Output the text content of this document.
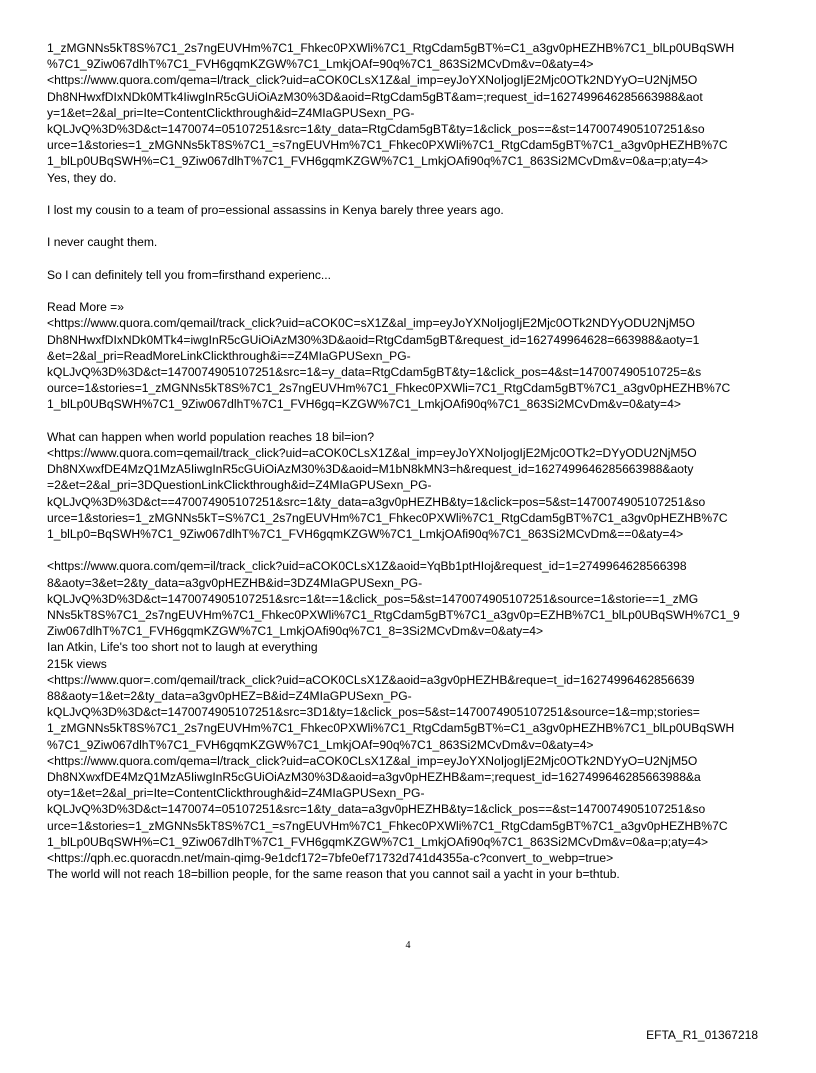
1_zMGNNs5kT8S%7C1_2s7ngEUVHm%7C1_Fhkec0PXWli%7C1_RtgCdam5gBT%=C1_a3gv0pHEZHB%7C1_blLp0UBqSWH
%7C1_9Ziw067dlhT%7C1_FVH6gqmKZGW%7C1_LmkjOAf=90q%7C1_863Si2MCvDm&v=0&aty=4>
<https://www.quora.com/qema=l/track_click?uid=aCOK0CLsX1Z&al_imp=eyJoYXNoIjogIjE2Mjc0OTk2NDYyO=U2NjM5O
Dh8NHwxfDIxNDk0MTk4IiwgInR5cGUiOiAzM30%3D&aoid=RtgCdam5gBT&am=;request_id=1627499646285663988&aot
y=1&et=2&al_pri=Ite=ContentClickthrough&id=Z4MIaGPUSexn_PG-
kQLJvQ%3D%3D&ct=1470074=05107251&src=1&ty_data=RtgCdam5gBT&ty=1&click_pos==&st=1470074905107251&so
urce=1&stories=1_zMGNNs5kT8S%7C1_=s7ngEUVHm%7C1_Fhkec0PXWli%7C1_RtgCdam5gBT%7C1_a3gv0pHEZHB%7C
1_blLp0UBqSWH%=C1_9Ziw067dlhT%7C1_FVH6gqmKZGW%7C1_LmkjOAfi90q%7C1_863Si2MCvDm&v=0&a=p;aty=4>
Yes, they do.
I lost my cousin to a team of pro=essional assassins in Kenya barely three years ago.
I never caught them.
So I can definitely tell you from=firsthand experienc...
Read More =»
<https://www.quora.com/qemail/track_click?uid=aCOK0C=sX1Z&al_imp=eyJoYXNoIjogIjE2Mjc0OTk2NDYyODU2NjM5O
Dh8NHwxfDIxNDk0MTk4=iwgInR5cGUiOiAzM30%3D&aoid=RtgCdam5gBT&request_id=162749964628=663988&aoty=1
&et=2&al_pri=ReadMoreLinkClickthrough&i==Z4MIaGPUSexn_PG-
kQLJvQ%3D%3D&ct=1470074905107251&src=1&=y_data=RtgCdam5gBT&ty=1&click_pos=4&st=147007490510725=&s
ource=1&stories=1_zMGNNs5kT8S%7C1_2s7ngEUVHm%7C1_Fhkec0PXWli=7C1_RtgCdam5gBT%7C1_a3gv0pHEZHB%7C
1_blLp0UBqSWH%7C1_9Ziw067dlhT%7C1_FVH6gq=KZGW%7C1_LmkjOAfi90q%7C1_863Si2MCvDm&v=0&aty=4>
What can happen when world population reaches 18 bil=ion?
<https://www.quora.com=qemail/track_click?uid=aCOK0CLsX1Z&al_imp=eyJoYXNoIjogIjE2Mjc0OTk2=DYyODU2NjM5O
Dh8NXwxfDE4MzQ1MzA5IiwgInR5cGUiOiAzM30%3D&aoid=M1bN8kMN3=h&request_id=1627499646285663988&aoty
=2&et=2&al_pri=3DQuestionLinkClickthrough&id=Z4MIaGPUSexn_PG-
kQLJvQ%3D%3D&ct==470074905107251&src=1&ty_data=a3gv0pHEZHB&ty=1&click=pos=5&st=1470074905107251&so
urce=1&stories=1_zMGNNs5kT=S%7C1_2s7ngEUVHm%7C1_Fhkec0PXWli%7C1_RtgCdam5gBT%7C1_a3gv0pHEZHB%7C
1_blLp0=BqSWH%7C1_9Ziw067dlhT%7C1_FVH6gqmKZGW%7C1_LmkjOAfi90q%7C1_863Si2MCvDm&==0&aty=4>
<https://www.quora.com/qem=il/track_click?uid=aCOK0CLsX1Z&aoid=YqBb1ptHIoj&request_id=1=2749964628566398
8&aoty=3&et=2&ty_data=a3gv0pHEZHB&id=3DZ4MIaGPUSexn_PG-
kQLJvQ%3D%3D&ct=1470074905107251&src=1&t==1&click_pos=5&st=1470074905107251&source=1&storie==1_zMG
NNs5kT8S%7C1_2s7ngEUVHm%7C1_Fhkec0PXWli%7C1_RtgCdam5gBT%7C1_a3gv0p=EZHB%7C1_blLp0UBqSWH%7C1_9
Ziw067dlhT%7C1_FVH6gqmKZGW%7C1_LmkjOAfi90q%7C1_8=3Si2MCvDm&v=0&aty=4>
Ian Atkin, Life's too short not to laugh at everything
215k views
<https://www.quor=.com/qemail/track_click?uid=aCOK0CLsX1Z&aoid=a3gv0pHEZHB&reque=t_id=16274996462856639
88&aoty=1&et=2&ty_data=a3gv0pHEZ=B&id=Z4MIaGPUSexn_PG-
kQLJvQ%3D%3D&ct=1470074905107251&src=3D1&ty=1&click_pos=5&st=1470074905107251&source=1&=mp;stories=
1_zMGNNs5kT8S%7C1_2s7ngEUVHm%7C1_Fhkec0PXWli%7C1_RtgCdam5gBT%=C1_a3gv0pHEZHB%7C1_blLp0UBqSWH
%7C1_9Ziw067dlhT%7C1_FVH6gqmKZGW%7C1_LmkjOAf=90q%7C1_863Si2MCvDm&v=0&aty=4>
<https://www.quora.com/qema=l/track_click?uid=aCOK0CLsX1Z&al_imp=eyJoYXNoIjogIjE2Mjc0OTk2NDYyO=U2NjM5O
Dh8NXwxfDE4MzQ1MzA5IiwgInR5cGUiOiAzM30%3D&aoid=a3gv0pHEZHB&am=;request_id=1627499646285663988&a
oty=1&et=2&al_pri=Ite=ContentClickthrough&id=Z4MIaGPUSexn_PG-
kQLJvQ%3D%3D&ct=1470074=05107251&src=1&ty_data=a3gv0pHEZHB&ty=1&click_pos==&st=1470074905107251&so
urce=1&stories=1_zMGNNs5kT8S%7C1_=s7ngEUVHm%7C1_Fhkec0PXWli%7C1_RtgCdam5gBT%7C1_a3gv0pHEZHB%7C
1_blLp0UBqSWH%=C1_9Ziw067dlhT%7C1_FVH6gqmKZGW%7C1_LmkjOAfi90q%7C1_863Si2MCvDm&v=0&a=p;aty=4>
<https://qph.ec.quoracdn.net/main-qimg-9e1dcf172=7bfe0ef71732d741d4355a-c?convert_to_webp=true>
The world will not reach 18=billion people, for the same reason that you cannot sail a yacht in your b=thtub.
4
EFTA_R1_01367218
